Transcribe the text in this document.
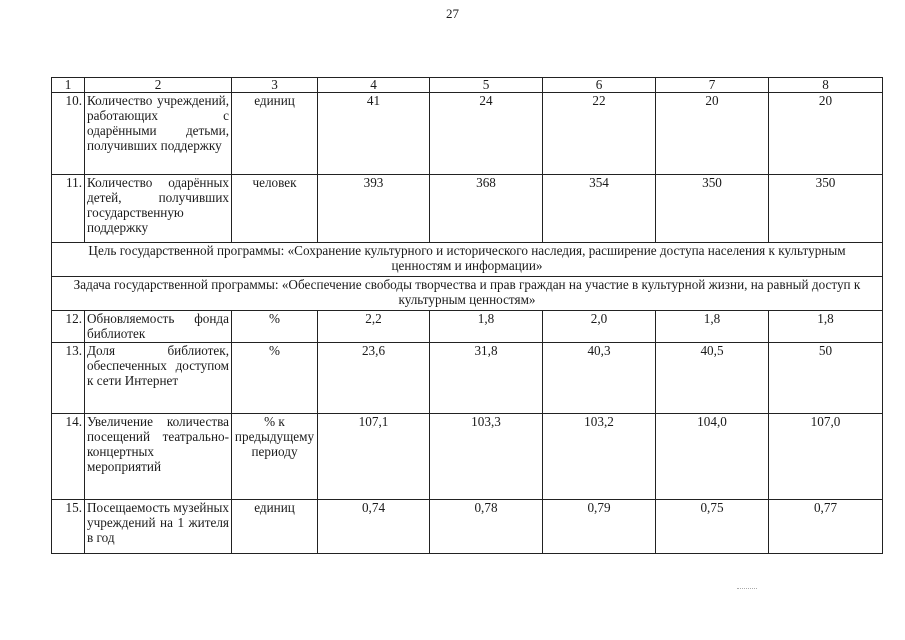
27
1	2	3	4	5	6	7	8
10.	Количество учреждений, работающих с одарёнными детьми, получивших поддержку	единиц	41	24	22	20	20
11.	Количество одарённых детей, получивших государственную поддержку	человек	393	368	354	350	350
Цель государственной программы: «Сохранение культурного и исторического наследия, расширение доступа населения к культурным ценностям и информации»							
Задача государственной программы: «Обеспечение свободы творчества и прав граждан на участие в культурной жизни, на равный доступ к культурным ценностям»							
12.	Обновляемость фонда библиотек	%	2,2	1,8	2,0	1,8	1,8
13.	Доля библиотек, обеспеченных доступом к сети Интернет	%	23,6	31,8	40,3	40,5	50
14.	Увеличение количества посещений театрально-концертных мероприятий	% к предыдущему периоду	107,1	103,3	103,2	104,0	107,0
15.	Посещаемость музейных учреждений на 1 жителя в год	единиц	0,74	0,78	0,79	0,75	0,77
